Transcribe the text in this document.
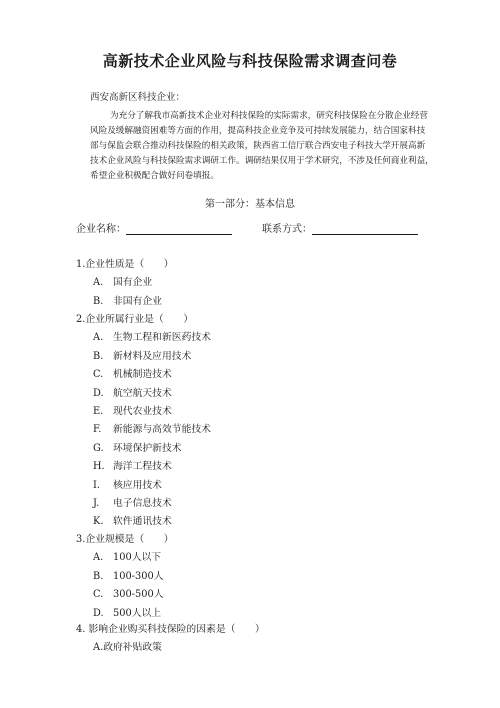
高新技术企业风险与科技保险需求调查问卷
西安高新区科技企业：
为充分了解我市高新技术企业对科技保险的实际需求，研究科技保险在分散企业经营
风险及缓解融资困难等方面的作用，提高科技企业竞争及可持续发展能力，结合国家科技
部与保监会联合推动科技保险的相关政策，陕西省工信厅联合西安电子科技大学开展高新
技术企业风险与科技保险需求调研工作。调研结果仅用于学术研究，不涉及任何商业利益，
希望企业积极配合做好问卷填报。
第一部分：基本信息
企业名称：	联系方式：
1.企业性质是（　　）
A. 国有企业
B. 非国有企业
2.企业所属行业是（　　）
A. 生物工程和新医药技术
B. 新材料及应用技术
C. 机械制造技术
D. 航空航天技术
E. 现代农业技术
F. 新能源与高效节能技术
G. 环境保护新技术
H. 海洋工程技术
I. 核应用技术
J. 电子信息技术
K. 软件通讯技术
3.企业规模是（　　）
A. 100人以下
B. 100-300人
C. 300-500人
D. 500人以上
4. 影响企业购买科技保险的因素是（　　）
A.政府补贴政策
